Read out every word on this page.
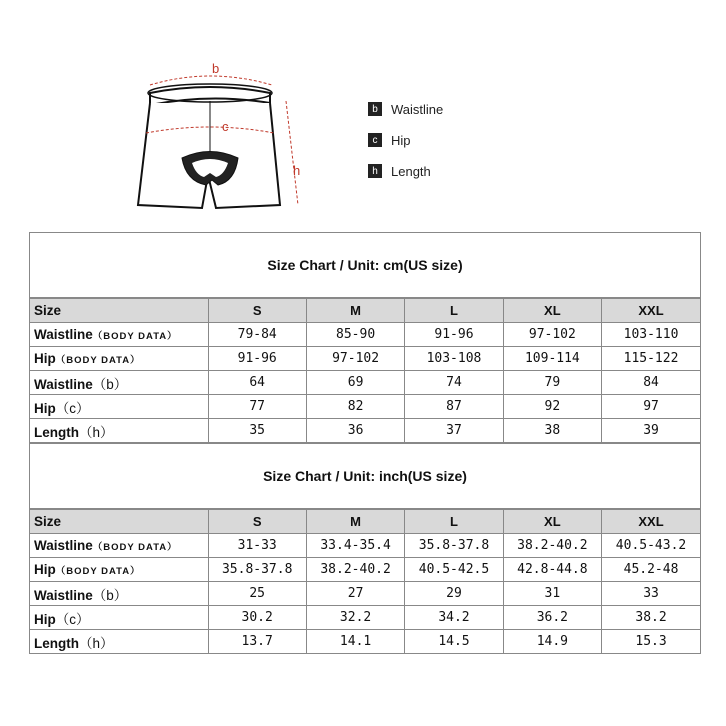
b
c
h
b	Waistline
c	Hip
h	Length
Size Chart / Unit: cm(US size)
Size	S	M	L	XL	XXL
Waistline（BODY DATA）	79-84	85-90	91-96	97-102	103-110
Hip（BODY DATA）	91-96	97-102	103-108	109-114	115-122
Waistline（b）	64	69	74	79	84
Hip（c）	77	82	87	92	97
Length（h）	35	36	37	38	39
Size Chart / Unit: inch(US size)
Size	S	M	L	XL	XXL
Waistline（BODY DATA）	31-33	33.4-35.4	35.8-37.8	38.2-40.2	40.5-43.2
Hip（BODY DATA）	35.8-37.8	38.2-40.2	40.5-42.5	42.8-44.8	45.2-48
Waistline（b）	25	27	29	31	33
Hip（c）	30.2	32.2	34.2	36.2	38.2
Length（h）	13.7	14.1	14.5	14.9	15.3
